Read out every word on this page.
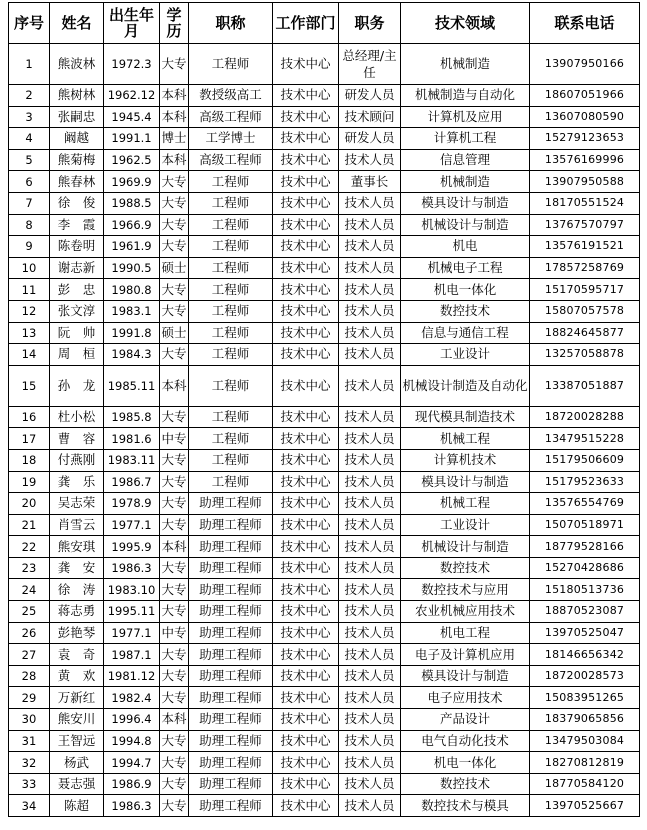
序号	姓名	出生年月	学历	职称	工作部门	职务	技术领域	联系电话
1	熊波林	1972.3	大专	工程师	技术中心	总经理/主任	机械制造	13907950166
2	熊树林	1962.12	本科	教授级高工	技术中心	研发人员	机械制造与自动化	18607051966
3	张嗣忠	1945.4	本科	高级工程师	技术中心	技术顾问	计算机及应用	13607080590
4	阚越	1991.1	博士	工学博士	技术中心	研发人员	计算机工程	15279123653
5	熊菊梅	1962.5	本科	高级工程师	技术中心	技术人员	信息管理	13576169996
6	熊春林	1969.9	大专	工程师	技术中心	董事长	机械制造	13907950588
7	徐　俊	1988.5	大专	工程师	技术中心	技术人员	模具设计与制造	18170551524
8	李　霞	1966.9	大专	工程师	技术中心	技术人员	机械设计与制造	13767570797
9	陈卷明	1961.9	大专	工程师	技术中心	技术人员	机电	13576191521
10	谢志新	1990.5	硕士	工程师	技术中心	技术人员	机械电子工程	17857258769
11	彭　忠	1980.8	大专	工程师	技术中心	技术人员	机电一体化	15170595717
12	张文淳	1983.1	大专	工程师	技术中心	技术人员	数控技术	15807057578
13	阮　帅	1991.8	硕士	工程师	技术中心	技术人员	信息与通信工程	18824645877
14	周　桓	1984.3	大专	工程师	技术中心	技术人员	工业设计	13257058878
15	孙　龙	1985.11	本科	工程师	技术中心	技术人员	机械设计制造及自动化	13387051887
16	杜小松	1985.8	大专	工程师	技术中心	技术人员	现代模具制造技术	18720028288
17	曹　容	1981.6	中专	工程师	技术中心	技术人员	机械工程	13479515228
18	付燕刚	1983.11	大专	工程师	技术中心	技术人员	计算机技术	15179506609
19	龚　乐	1986.7	大专	工程师	技术中心	技术人员	模具设计与制造	15179523633
20	吴志荣	1978.9	大专	助理工程师	技术中心	技术人员	机械工程	13576554769
21	肖雪云	1977.1	大专	助理工程师	技术中心	技术人员	工业设计	15070518971
22	熊安琪	1995.9	本科	助理工程师	技术中心	技术人员	机械设计与制造	18779528166
23	龚　安	1986.3	大专	助理工程师	技术中心	技术人员	数控技术	15270428686
24	徐　涛	1983.10	大专	助理工程师	技术中心	技术人员	数控技术与应用	15180513736
25	蒋志勇	1995.11	大专	助理工程师	技术中心	技术人员	农业机械应用技术	18870523087
26	彭艳琴	1977.1	中专	助理工程师	技术中心	技术人员	机电工程	13970525047
27	袁　奇	1987.1	大专	助理工程师	技术中心	技术人员	电子及计算机应用	18146656342
28	黄　欢	1981.12	大专	助理工程师	技术中心	技术人员	模具设计与制造	18720028573
29	万新红	1982.4	大专	助理工程师	技术中心	技术人员	电子应用技术	15083951265
30	熊安川	1996.4	本科	助理工程师	技术中心	技术人员	产品设计	18379065856
31	王智远	1994.8	大专	助理工程师	技术中心	技术人员	电气自动化技术	13479503084
32	杨武	1994.7	大专	助理工程师	技术中心	技术人员	机电一体化	18270812819
33	聂志强	1986.9	大专	助理工程师	技术中心	技术人员	数控技术	18770584120
34	陈超	1986.3	大专	助理工程师	技术中心	技术人员	数控技术与模具	13970525667
